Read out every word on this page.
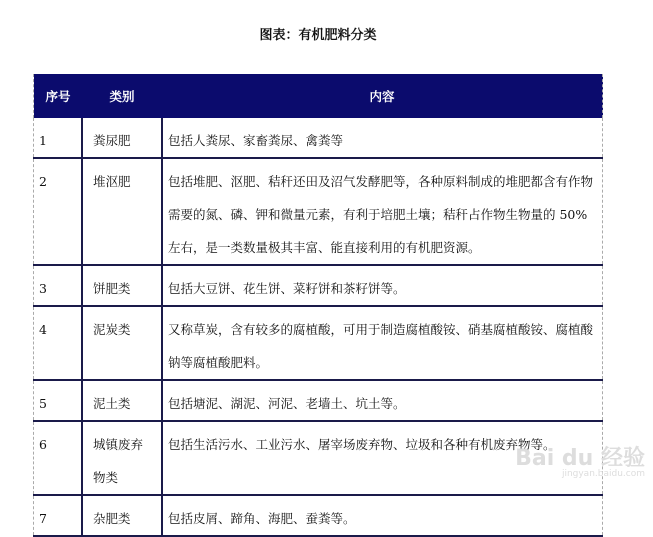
图表：有机肥料分类
序号	类别	内容
1	粪尿肥	包括人粪尿、家畜粪尿、禽粪等
2	堆沤肥	包括堆肥、沤肥、秸秆还田及沼气发酵肥等，各种原料制成的堆肥都含有作物需要的氮、磷、钾和微量元素，有利于培肥土壤；秸秆占作物生物量的 50%左右，是一类数量极其丰富、能直接利用的有机肥资源。
3	饼肥类	包括大豆饼、花生饼、菜籽饼和茶籽饼等。
4	泥炭类	又称草炭，含有较多的腐植酸，可用于制造腐植酸铵、硝基腐植酸铵、腐植酸钠等腐植酸肥料。
5	泥土类	包括塘泥、湖泥、河泥、老墙土、坑土等。
6	城镇废弃物类	包括生活污水、工业污水、屠宰场废弃物、垃圾和各种有机废弃物等。
7	杂肥类	包括皮屑、蹄角、海肥、蚕粪等。
Bai du 经验
jingyan.baidu.com
